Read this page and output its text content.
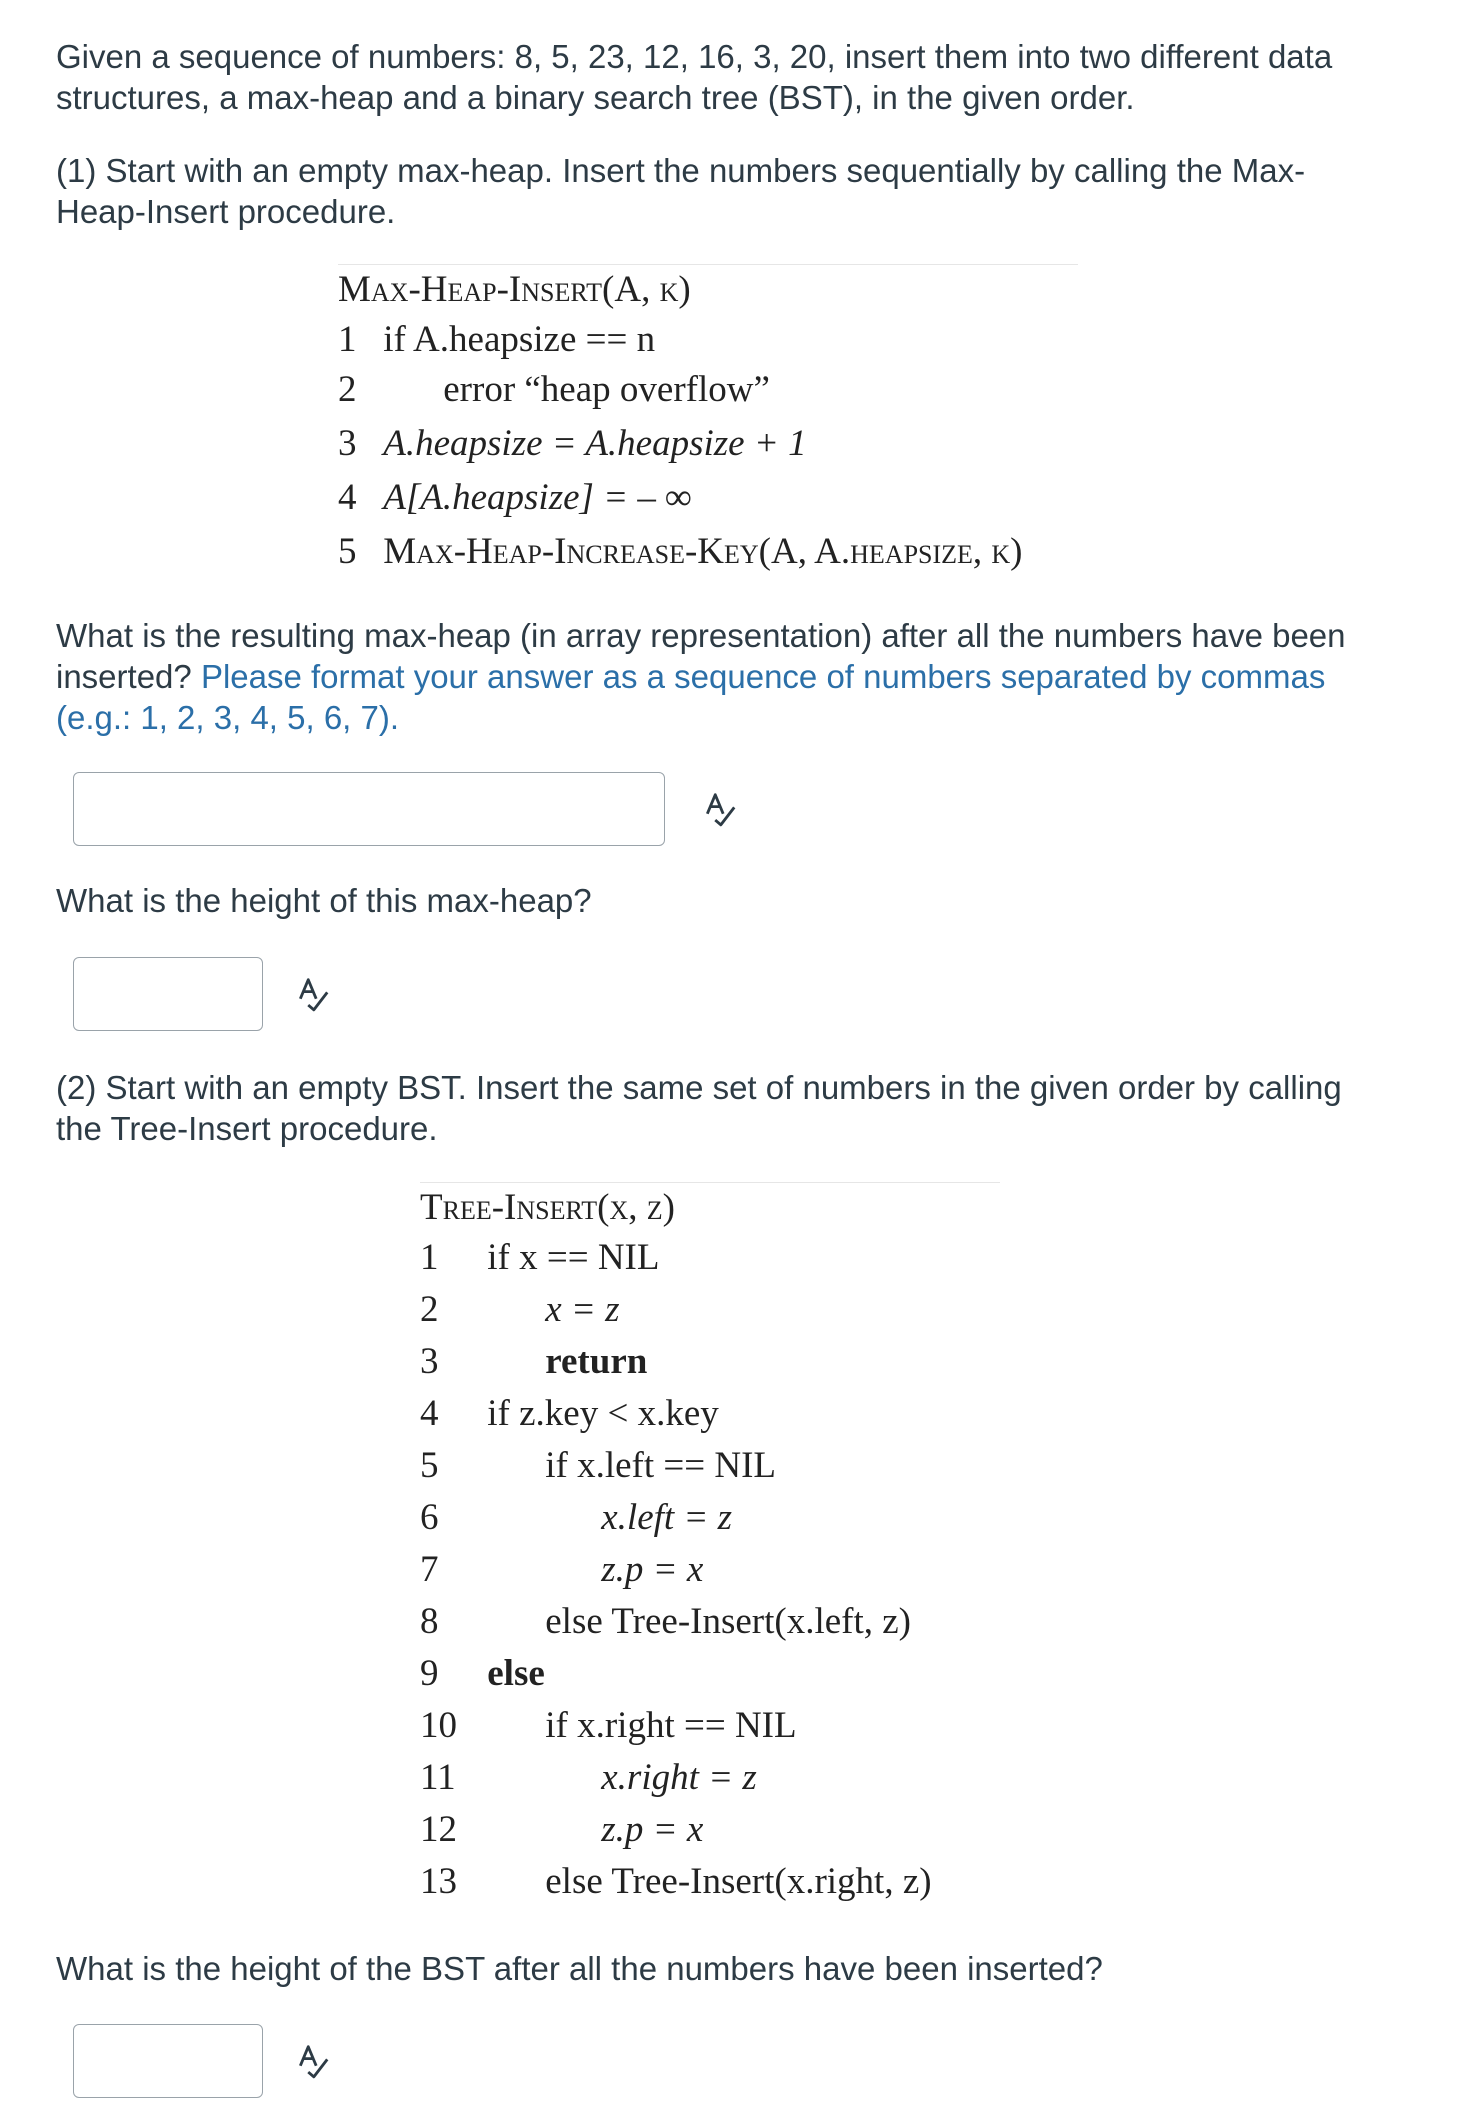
Given a sequence of numbers: 8, 5, 23, 12, 16, 3, 20, insert them into two different data structures, a max-heap and a binary search tree (BST), in the given order.

(1) Start with an empty max-heap. Insert the numbers sequentially by calling the Max-Heap-Insert procedure.

Max-Heap-Insert(A, k)
1 if A.heapsize == n
2 error “heap overflow”
3 A.heapsize = A.heapsize + 1
4 A[A.heapsize] = – ∞
5 Max-Heap-Increase-Key(A, A.heapsize, k)

What is the resulting max-heap (in array representation) after all the numbers have been inserted? Please format your answer as a sequence of numbers separated by commas (e.g.: 1, 2, 3, 4, 5, 6, 7).

What is the height of this max-heap?

(2) Start with an empty BST. Insert the same set of numbers in the given order by calling the Tree-Insert procedure.

Tree-Insert(x, z)
1 if x == NIL
2	x = z
3	return
4 if z.key < x.key
5	if x.left == NIL
6	x.left = z
7	z.p = x
8	else Tree-Insert(x.left, z)
9 else
10 if x.right == NIL
11	x.right = z
12	z.p = x
13 else Tree-Insert(x.right, z)

What is the height of the BST after all the numbers have been inserted?
